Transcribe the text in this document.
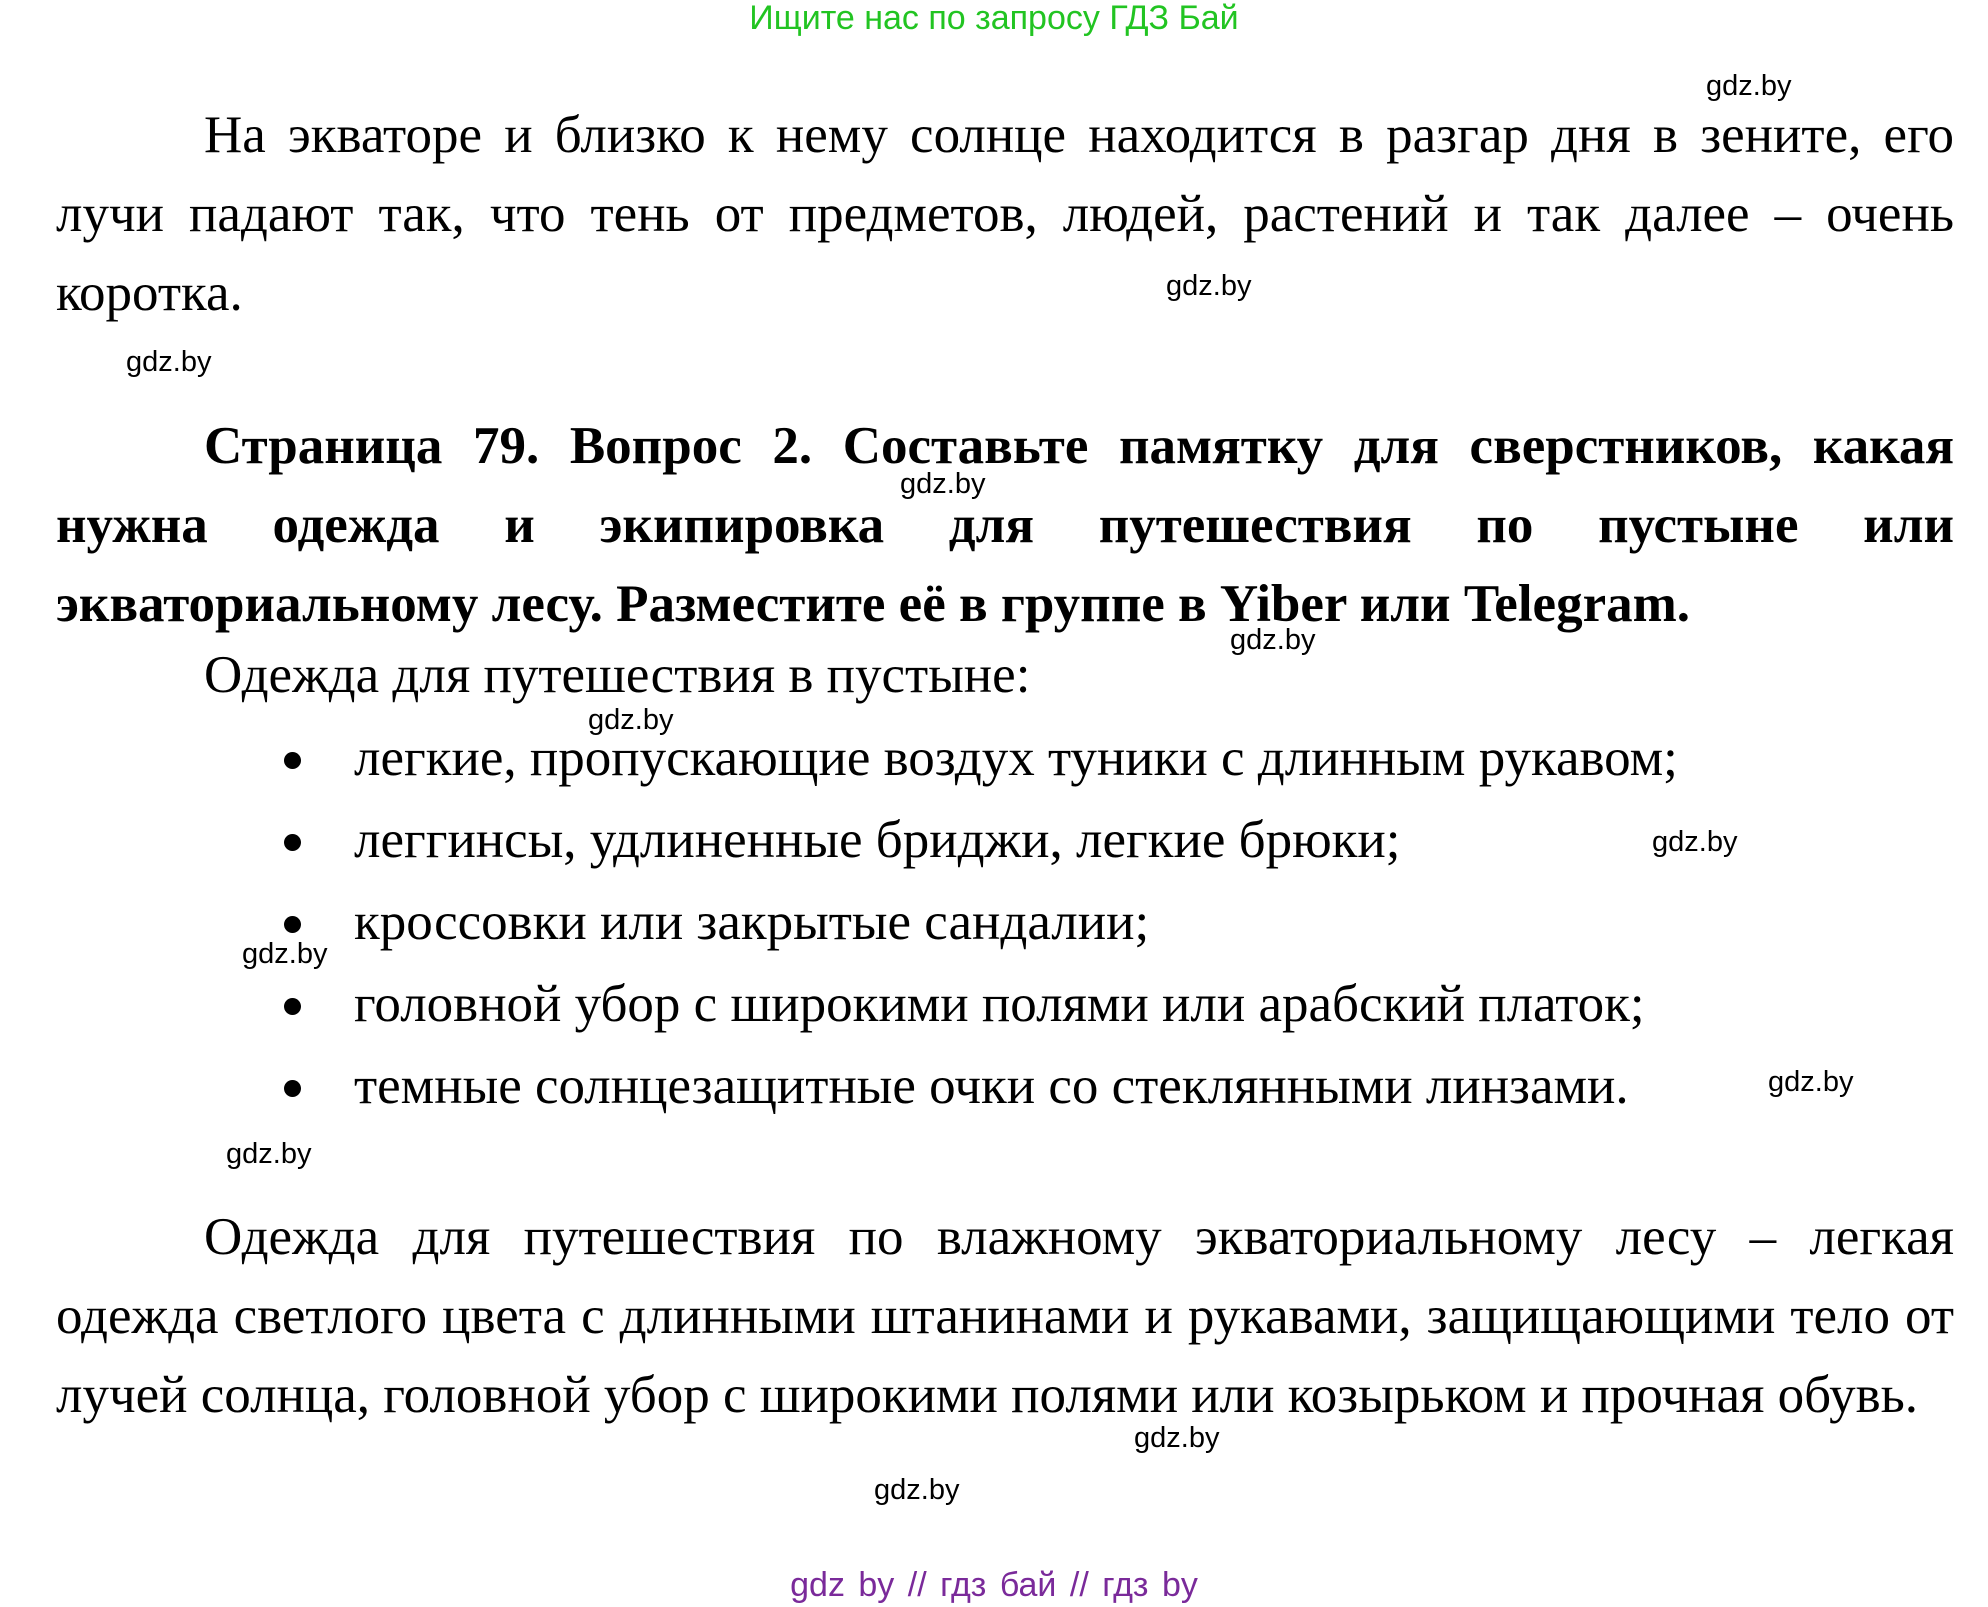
Ищите нас по запросу ГДЗ Бай

На экваторе и близко к нему солнце находится в разгар дня в зените, его лучи падают так, что тень от предметов, людей, растений и так далее – очень коротка.

Страница 79. Вопрос 2. Составьте памятку для сверстников, какая нужна одежда и экипировка для путешествия по пустыне или экваториальному лесу. Разместите её в группе в Yiber или Telegram.

Одежда для путешествия в пустыне:

легкие, пропускающие воздух туники с длинным рукавом;
леггинсы, удлиненные бриджи, легкие брюки;
кроссовки или закрытые сандалии;
головной убор с широкими полями или арабский платок;
темные солнцезащитные очки со стеклянными линзами.

Одежда для путешествия по влажному экваториальному лесу – легкая одежда светлого цвета с длинными штанинами и рукавами, защищающими тело от лучей солнца, головной убор с широкими полями или козырьком и прочная обувь.

gdz.by
gdz.by
gdz.by
gdz.by
gdz.by
gdz.by
gdz.by
gdz.by
gdz.by
gdz.by
gdz.by
gdz.by
gdz by // гдз бай // гдз by
